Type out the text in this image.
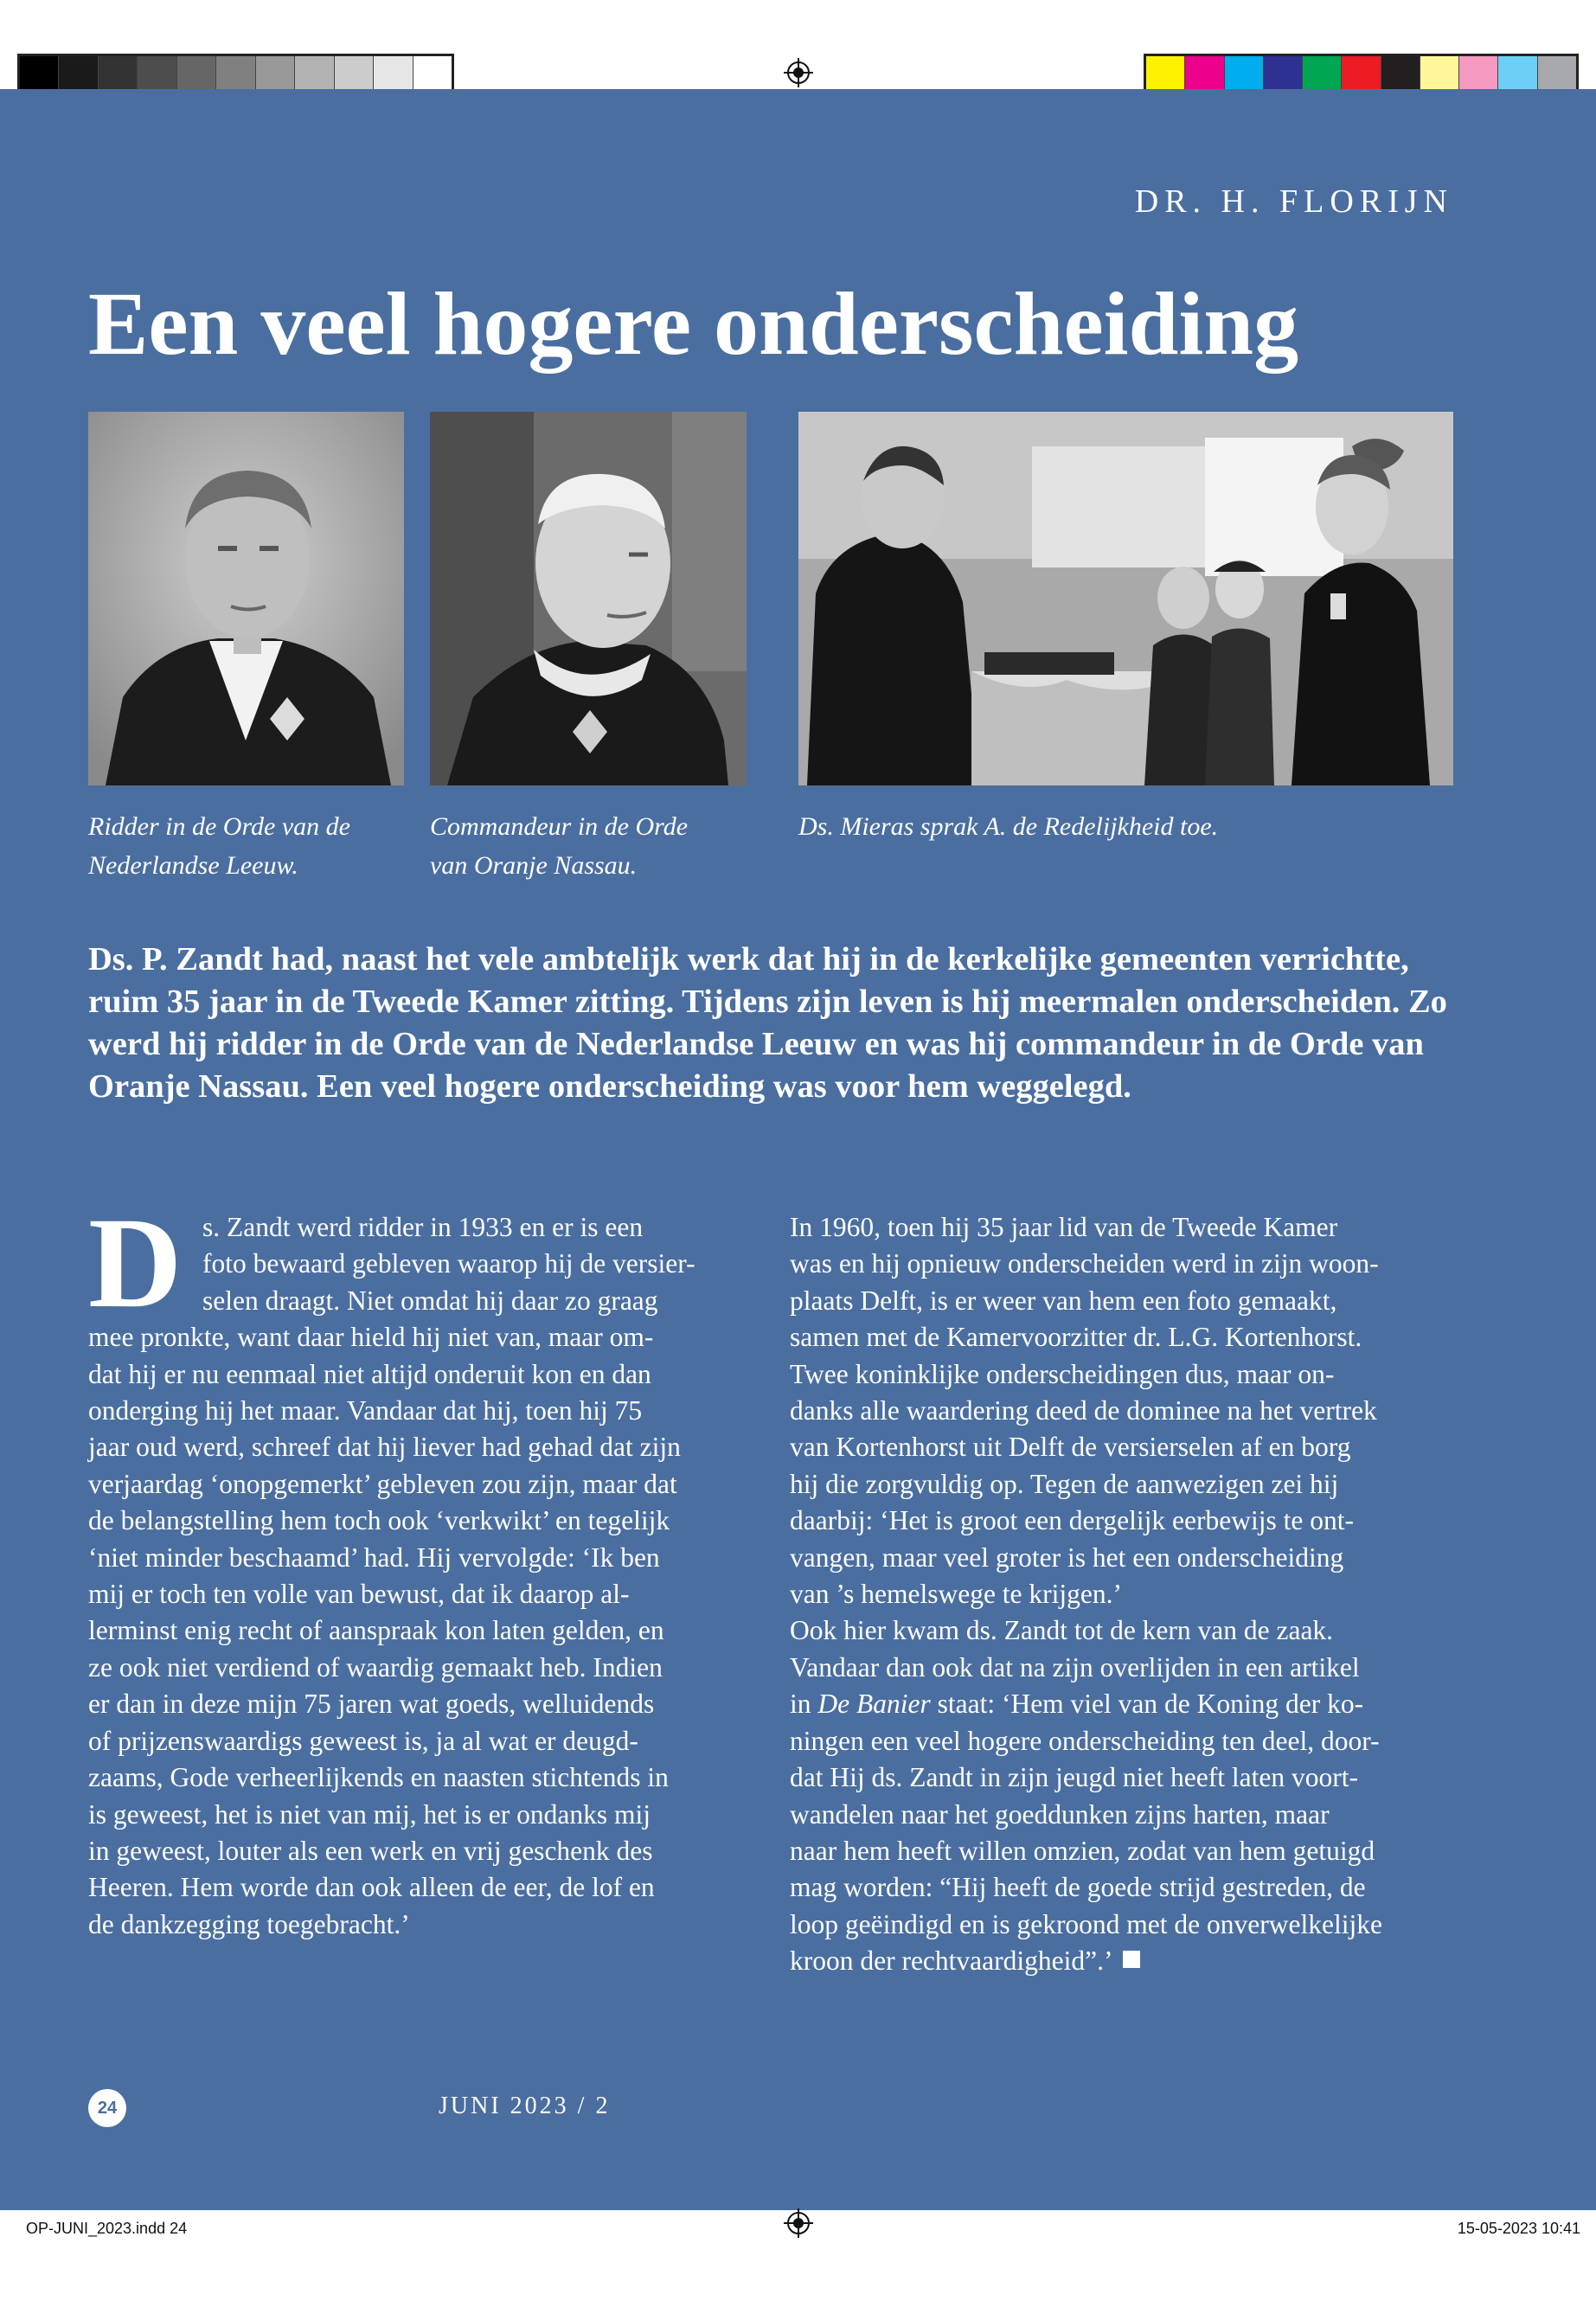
DR. H. FLORIJN
Een veel hogere onderscheiding
Ridder in de Orde van de
Nederlandse Leeuw.
Commandeur in de Orde
van Oranje Nassau.
Ds. Mieras sprak A. de Redelijkheid toe.

Ds. P. Zandt had, naast het vele ambtelijk werk dat hij in de kerkelijke gemeenten verrichtte, ruim 35 jaar in de Tweede Kamer zitting. Tijdens zijn leven is hij meermalen onderscheiden. Zo werd hij ridder in de Orde van de Nederlandse Leeuw en was hij commandeur in de Orde van Oranje Nassau. Een veel hogere onderscheiding was voor hem weggelegd.

D s. Zandt werd ridder in 1933 en er is een

foto bewaard gebleven waarop hij de versier-

selen draagt. Niet omdat hij daar zo graag

mee pronkte, want daar hield hij niet van, maar om-

dat hij er nu eenmaal niet altijd onderuit kon en dan

onderging hij het maar. Vandaar dat hij, toen hij 75

jaar oud werd, schreef dat hij liever had gehad dat zijn

verjaardag ‘onopgemerkt’ gebleven zou zijn, maar dat

de belangstelling hem toch ook ‘verkwikt’ en tegelijk

‘niet minder beschaamd’ had. Hij vervolgde: ‘Ik ben

mij er toch ten volle van bewust, dat ik daarop al-

lerminst enig recht of aanspraak kon laten gelden, en

ze ook niet verdiend of waardig gemaakt heb. Indien

er dan in deze mijn 75 jaren wat goeds, welluidends

of prijzenswaardigs geweest is, ja al wat er deugd-

zaams, Gode verheerlijkends en naasten stichtends in

is geweest, het is niet van mij, het is er ondanks mij

in geweest, louter als een werk en vrij geschenk des

Heeren. Hem worde dan ook alleen de eer, de lof en

de dankzegging toegebracht.’

In 1960, toen hij 35 jaar lid van de Tweede Kamer

was en hij opnieuw onderscheiden werd in zijn woon-

plaats Delft, is er weer van hem een foto gemaakt,

samen met de Kamervoorzitter dr. L.G. Kortenhorst.

Twee koninklijke onderscheidingen dus, maar on-

danks alle waardering deed de dominee na het vertrek

van Kortenhorst uit Delft de versierselen af en borg

hij die zorgvuldig op. Tegen de aanwezigen zei hij

daarbij: ‘Het is groot een dergelijk eerbewijs te ont-

vangen, maar veel groter is het een onderscheiding

van ’s hemelswege te krijgen.’

Ook hier kwam ds. Zandt tot de kern van de zaak.

Vandaar dan ook dat na zijn overlijden in een artikel

in De Banier staat: ‘Hem viel van de Koning der ko-

ningen een veel hogere onderscheiding ten deel, door-

dat Hij ds. Zandt in zijn jeugd niet heeft laten voort-

wandelen naar het goeddunken zijns harten, maar

naar hem heeft willen omzien, zodat van hem getuigd

mag worden: “Hij heeft de goede strijd gestreden, de

loop geëindigd en is gekroond met de onverwelkelijke

kroon der rechtvaardigheid”.’

24	JUNI 2023 / 2
OP-JUNI_2023.indd 24	15-05-2023 10:41
